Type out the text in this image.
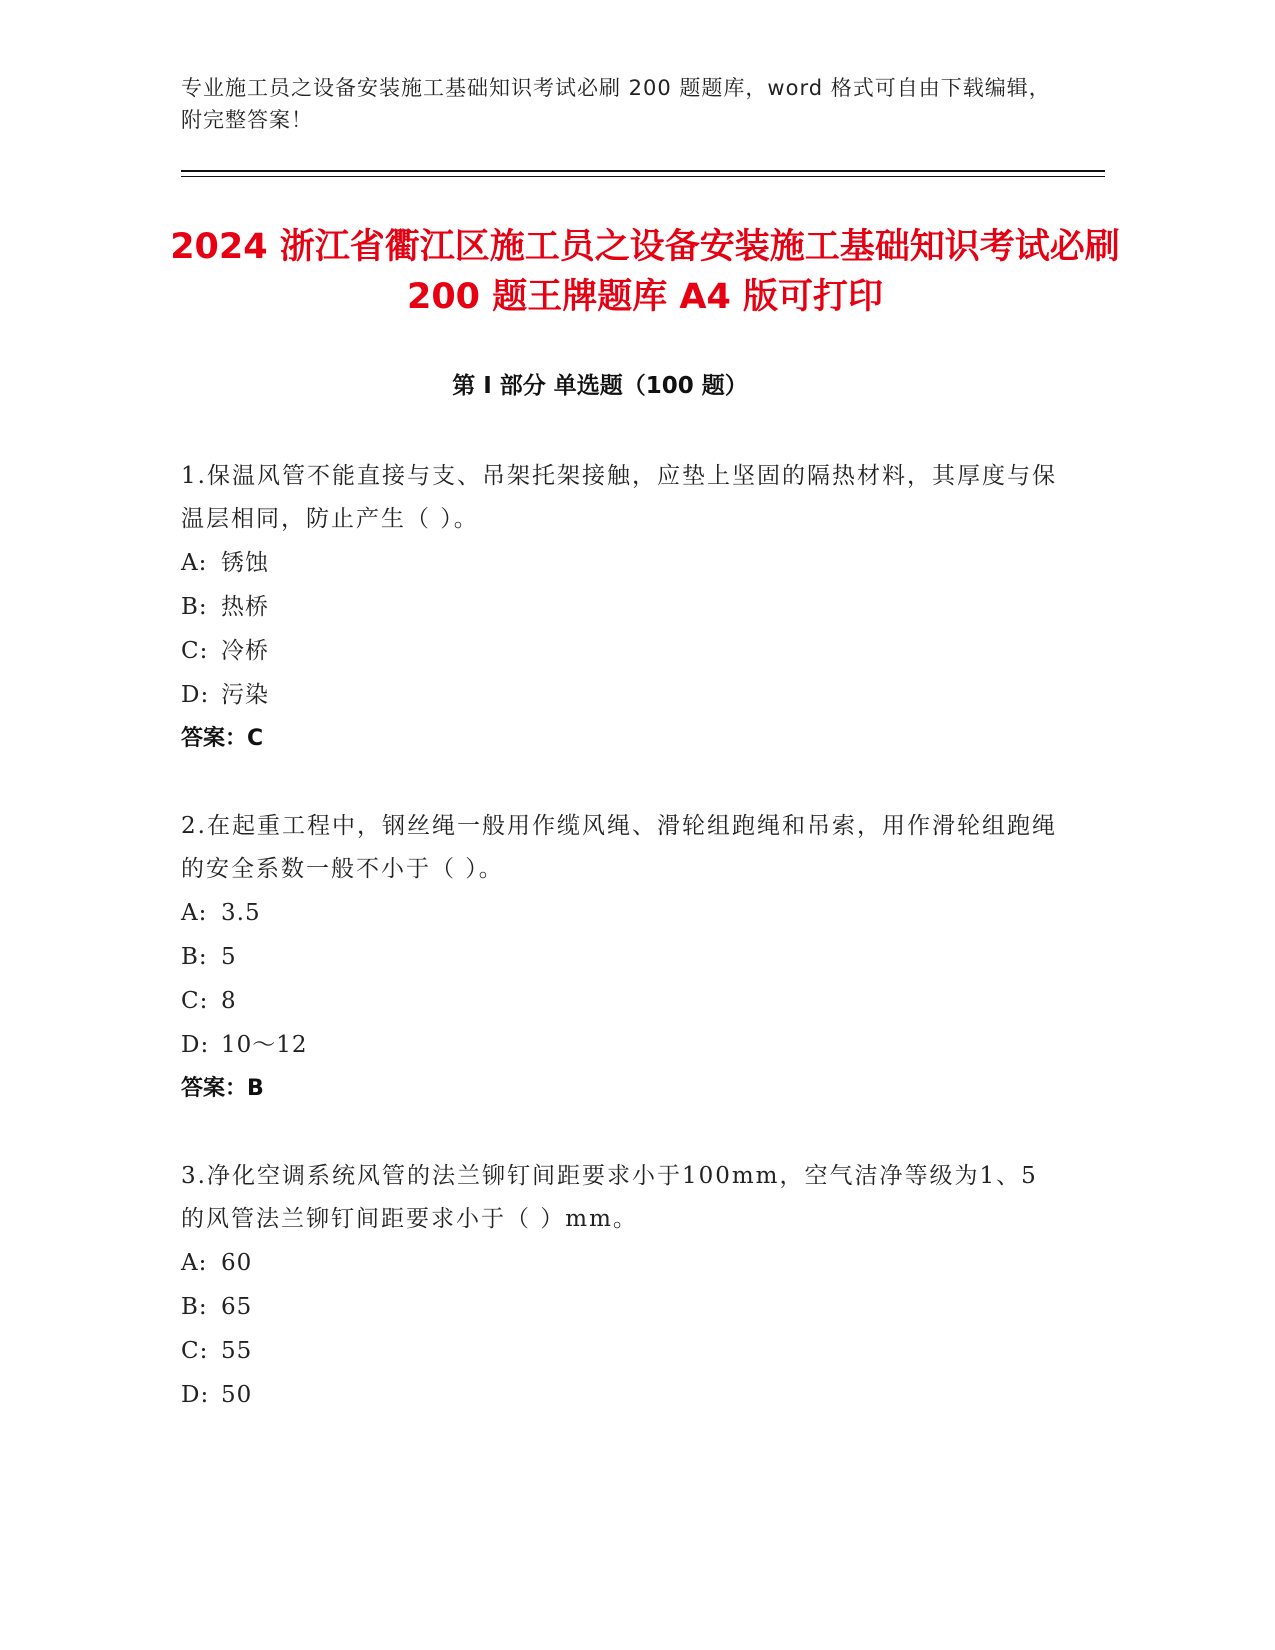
专业施工员之设备安装施工基础知识考试必刷 200 题题库，word 格式可自由下载编辑，附完整答案！
2024 浙江省衢江区施工员之设备安装施工基础知识考试必刷 200 题王牌题库 A4 版可打印
第 I 部分 单选题（100 题）

1.保温风管不能直接与支、吊架托架接触，应垫上坚固的隔热材料，其厚度与保温层相同，防止产生（ ）。

A: 锈蚀
B: 热桥
C: 冷桥
D: 污染
答案：C

2.在起重工程中，钢丝绳一般用作缆风绳、滑轮组跑绳和吊索，用作滑轮组跑绳的安全系数一般不小于（ ）。

A: 3.5
B: 5
C: 8
D: 10～12
答案：B

3.净化空调系统风管的法兰铆钉间距要求小于100mm，空气洁净等级为1、5的风管法兰铆钉间距要求小于（ ）mm。

A: 60
B: 65
C: 55
D: 50
